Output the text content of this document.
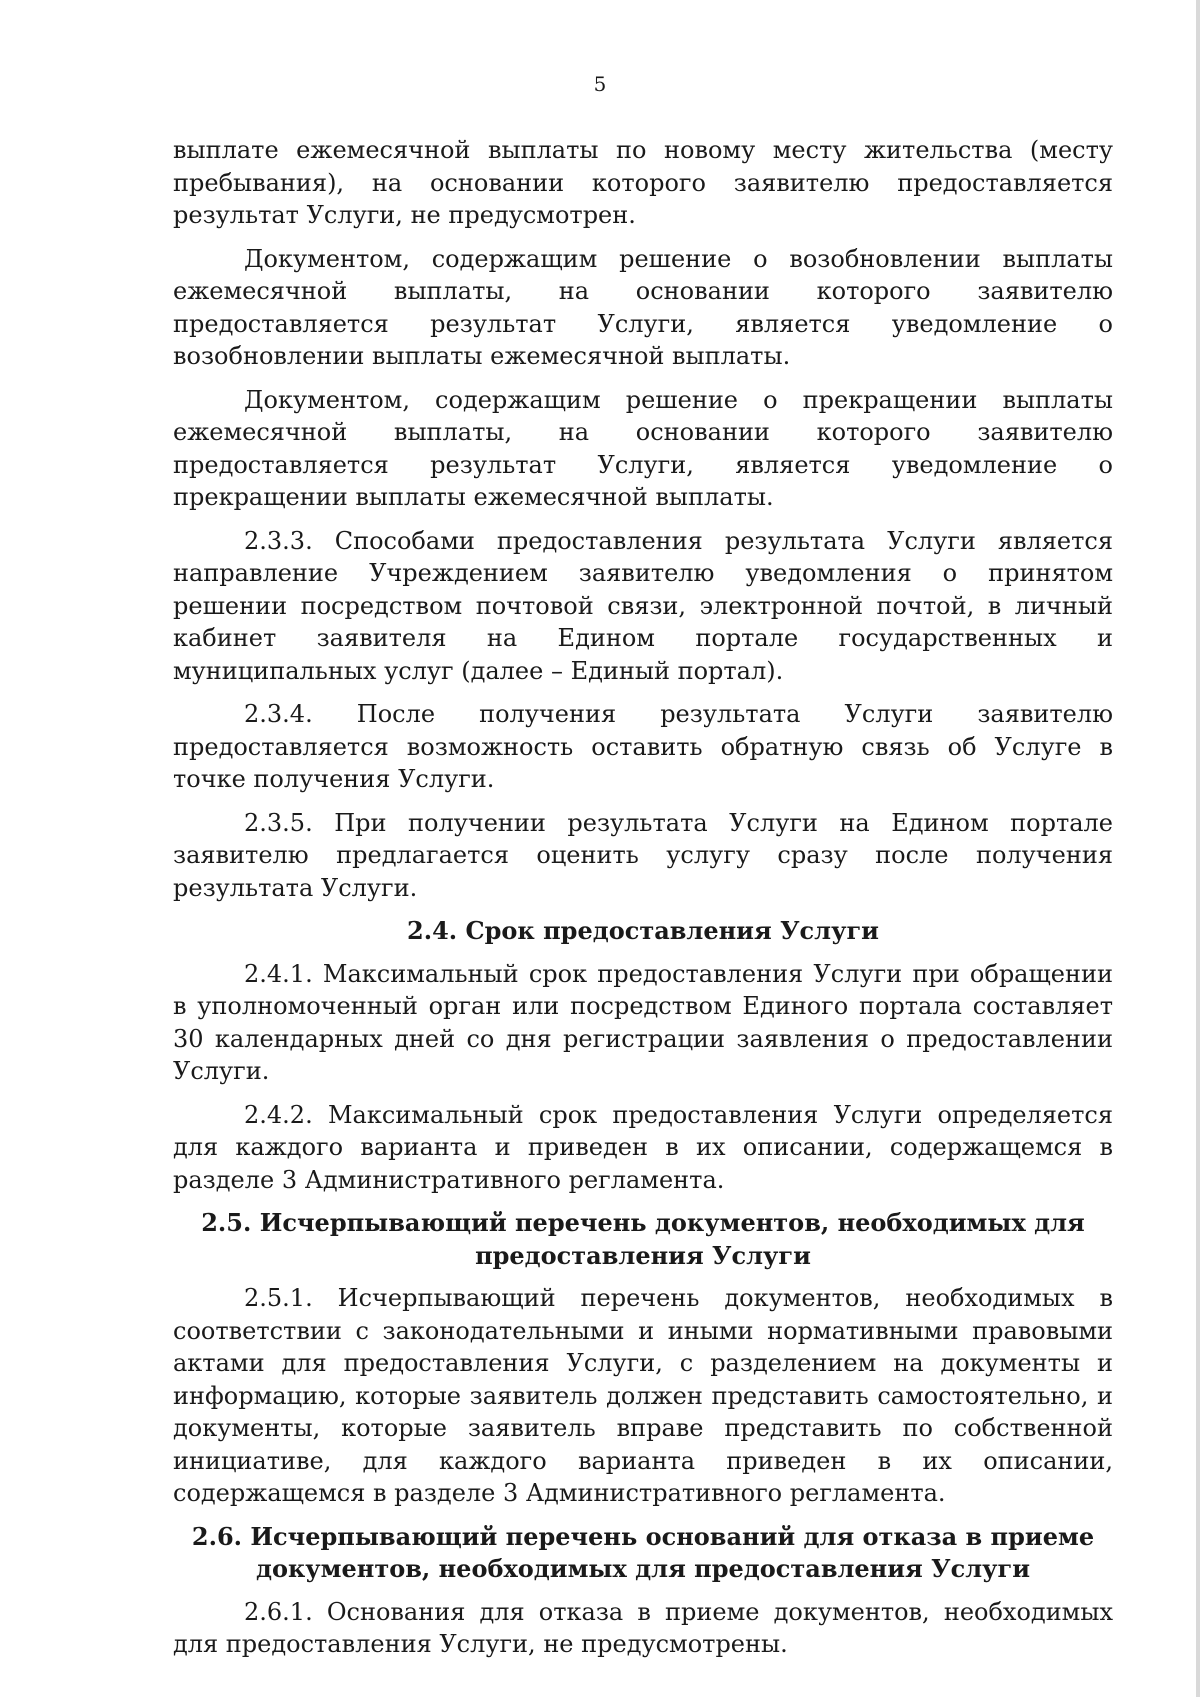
5

выплате ежемесячной выплаты по новому месту жительства (месту пребывания), на основании которого заявителю предоставляется результат Услуги, не предусмотрен.

Документом, содержащим решение о возобновлении выплаты ежемесячной выплаты, на основании которого заявителю предоставляется результат Услуги, является уведомление о возобновлении выплаты ежемесячной выплаты.

Документом, содержащим решение о прекращении выплаты ежемесячной выплаты, на основании которого заявителю предоставляется результат Услуги, является уведомление о прекращении выплаты ежемесячной выплаты.

2.3.3. Способами предоставления результата Услуги является направление Учреждением заявителю уведомления о принятом решении посредством почтовой связи, электронной почтой, в личный кабинет заявителя на Едином портале государственных и муниципальных услуг (далее – Единый портал).

2.3.4. После получения результата Услуги заявителю предоставляется возможность оставить обратную связь об Услуге в точке получения Услуги.

2.3.5. При получении результата Услуги на Едином портале заявителю предлагается оценить услугу сразу после получения результата Услуги.

2.4. Срок предоставления Услуги

2.4.1. Максимальный срок предоставления Услуги при обращении в уполномоченный орган или посредством Единого портала составляет 30 календарных дней со дня регистрации заявления о предоставлении Услуги.

2.4.2. Максимальный срок предоставления Услуги определяется для каждого варианта и приведен в их описании, содержащемся в разделе 3 Административного регламента.

2.5. Исчерпывающий перечень документов, необходимых для
предоставления Услуги

2.5.1. Исчерпывающий перечень документов, необходимых в соответствии с законодательными и иными нормативными правовыми актами для предоставления Услуги, с разделением на документы и информацию, которые заявитель должен представить самостоятельно, и документы, которые заявитель вправе представить по собственной инициативе, для каждого варианта приведен в их описании, содержащемся в разделе 3 Административного регламента.

2.6. Исчерпывающий перечень оснований для отказа в приеме
документов, необходимых для предоставления Услуги

2.6.1. Основания для отказа в приеме документов, необходимых для предоставления Услуги, не предусмотрены.
